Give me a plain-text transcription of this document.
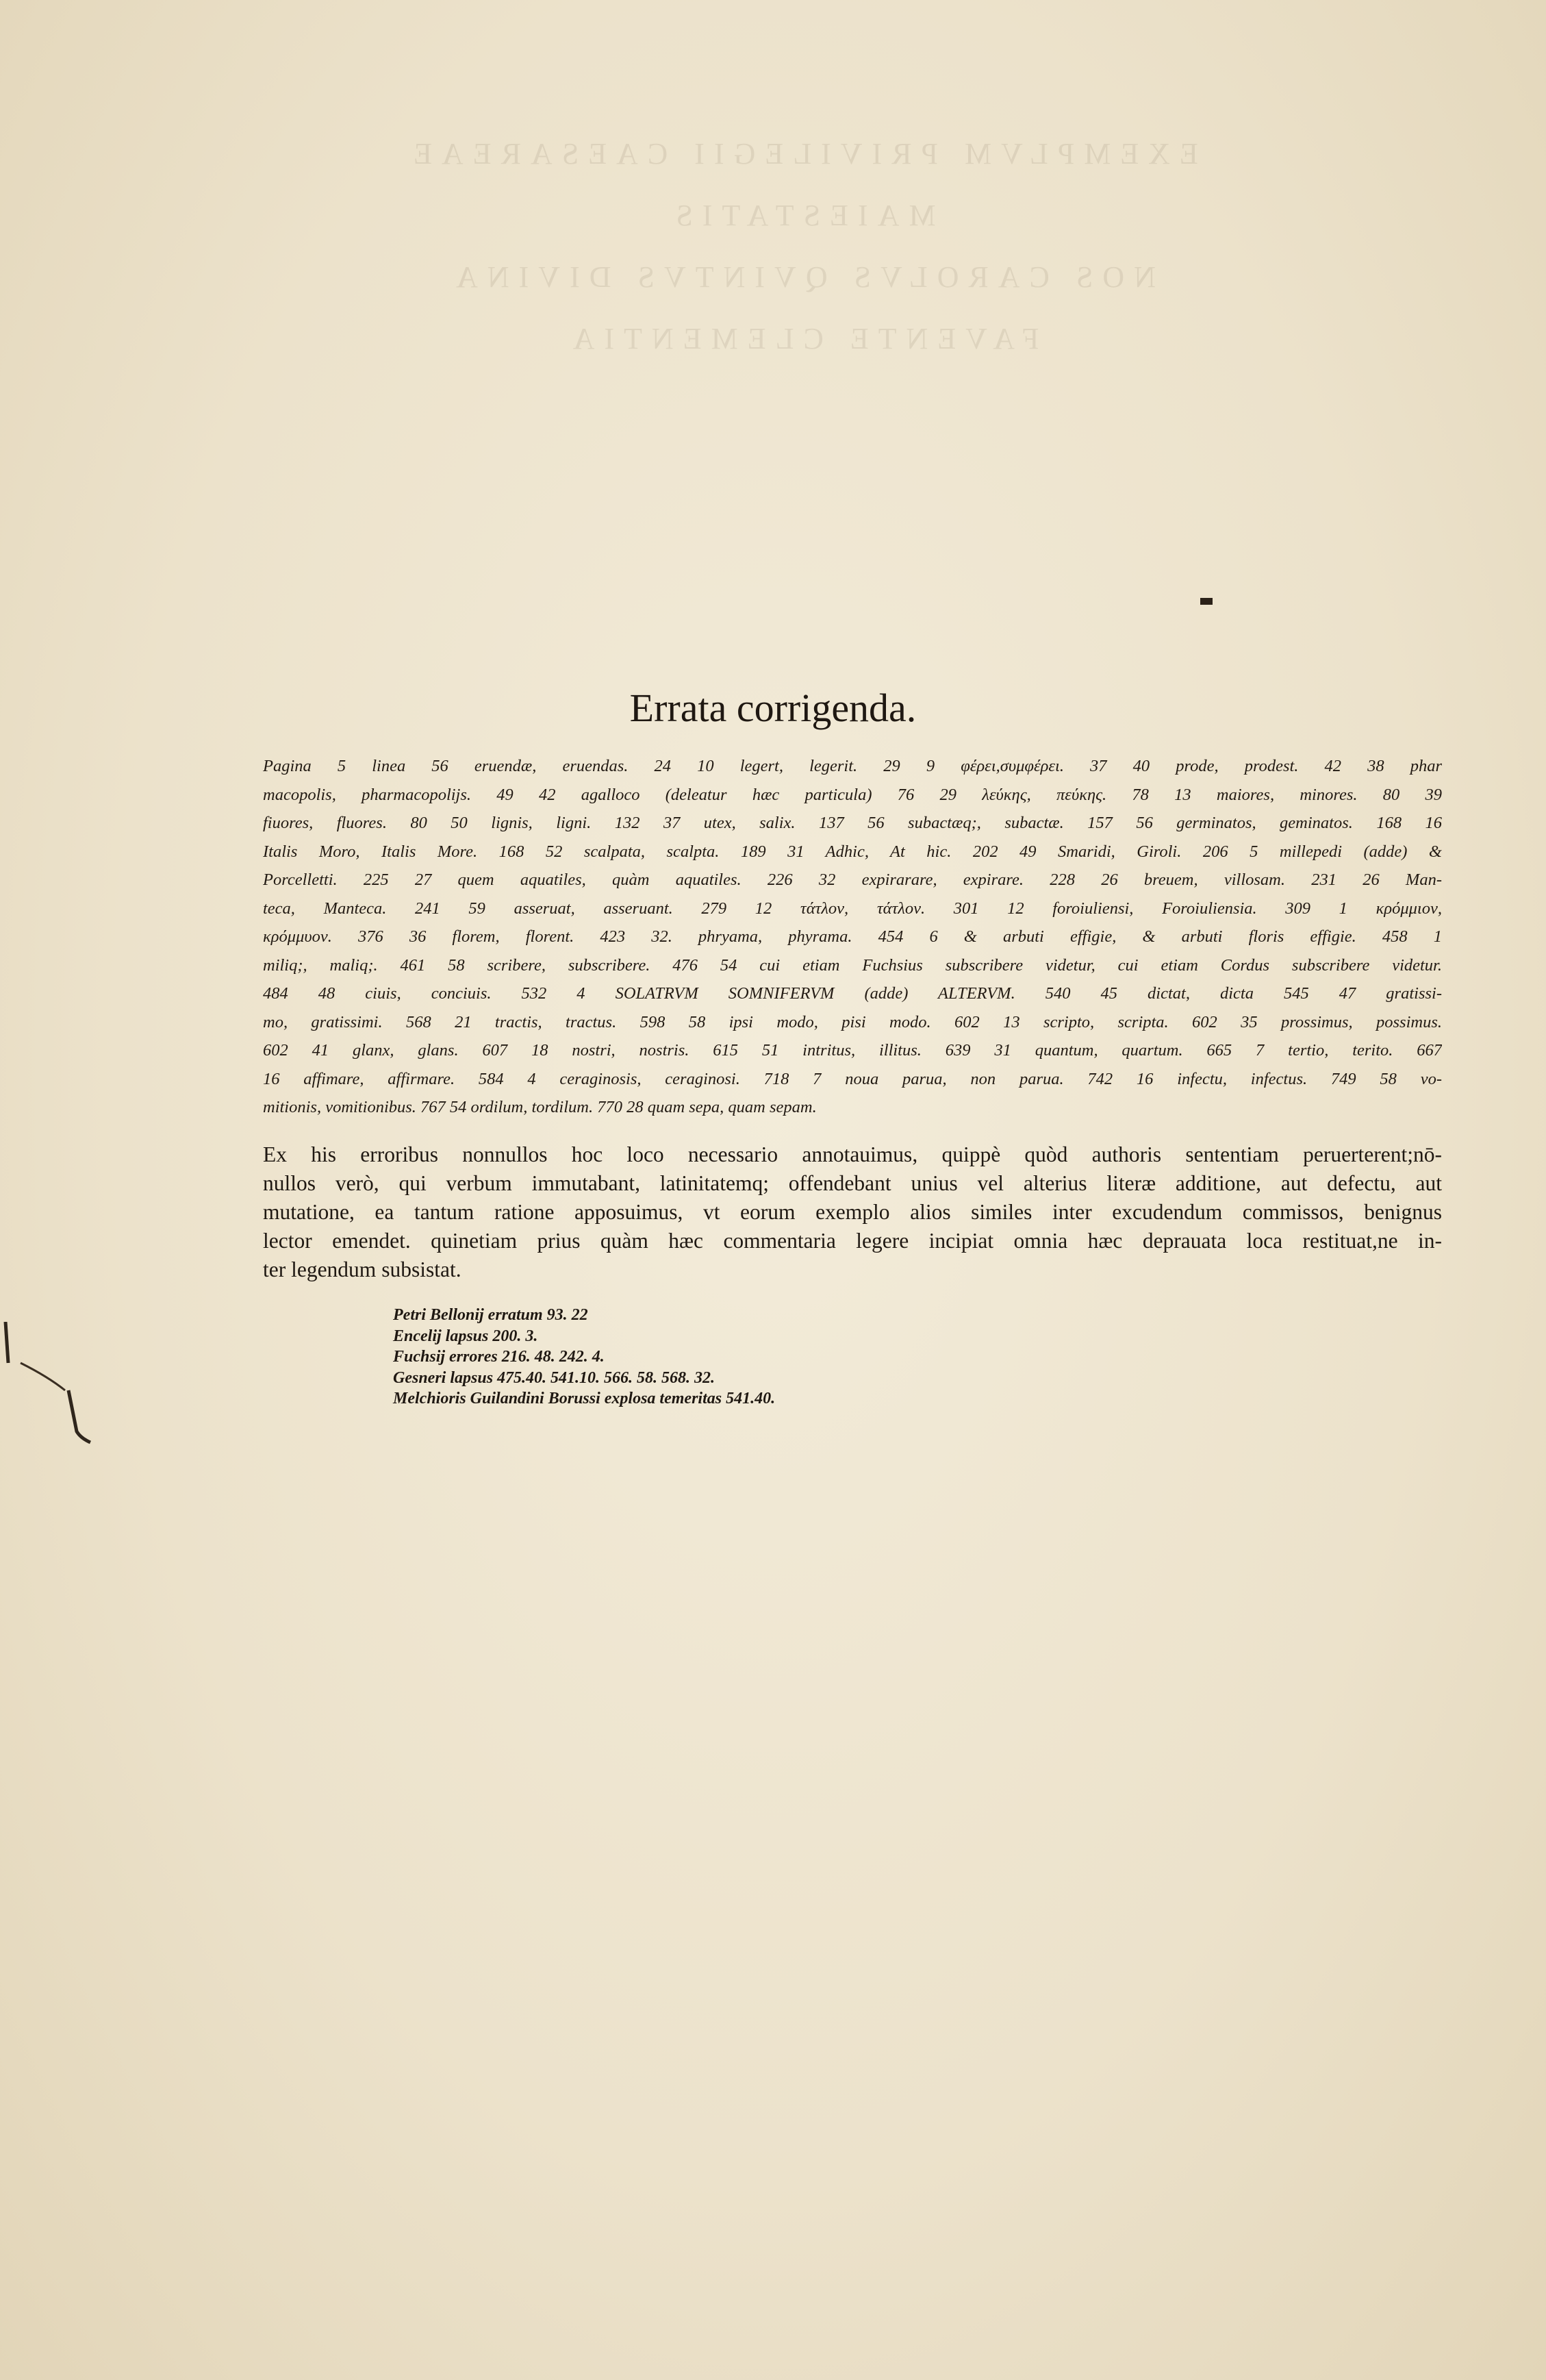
EXEMPLVM PRIVILEGII CAESAREAE MAIESTATIS
NOS CAROLVS QVINTVS DIVINA FAVENTE CLEMENTIA
Errata corrigenda.
Pagina 5 linea 56 eruendæ, eruendas. 24 10 legert, legerit. 29 9 φέρει,συμφέρει. 37 40 prode, prodest. 42 38 phar
macopolis, pharmacopolijs. 49 42 agalloco (deleatur hæc particula) 76 29 λεύκης, πεύκης. 78 13 maiores, minores. 80 39
fiuores, fluores. 80 50 lignis, ligni. 132 37 utex, salix. 137 56 subactæq;, subactæ. 157 56 germinatos, geminatos. 168 16
Italis Moro, Italis More. 168 52 scalpata, scalpta. 189 31 Adhic, At hic. 202 49 Smaridi, Giroli. 206 5 millepedi (adde) &
Porcelletti. 225 27 quem aquatiles, quàm aquatiles. 226 32 expirarare, expirare. 228 26 breuem, villosam. 231 26 Man-
teca, Manteca. 241 59 asseruat, asseruant. 279 12 τάτλον, τάτλον. 301 12 foroiuliensi, Foroiuliensia. 309 1 κρόμμιον,
κρόμμυον. 376 36 florem, florent. 423 32. phryama, phyrama. 454 6 & arbuti effigie, & arbuti floris effigie. 458 1
miliq;, maliq;. 461 58 scribere, subscribere. 476 54 cui etiam Fuchsius subscribere videtur, cui etiam Cordus subscribere videtur.
484 48 ciuis, conciuis. 532 4 SOLATRVM SOMNIFERVM (adde) ALTERVM. 540 45 dictat, dicta 545 47 gratissi-
mo, gratissimi. 568 21 tractis, tractus. 598 58 ipsi modo, pisi modo. 602 13 scripto, scripta. 602 35 prossimus, possimus.
602 41 glanx, glans. 607 18 nostri, nostris. 615 51 intritus, illitus. 639 31 quantum, quartum. 665 7 tertio, terito. 667
16 affimare, affirmare. 584 4 ceraginosis, ceraginosi. 718 7 noua parua, non parua. 742 16 infectu, infectus. 749 58 vo-
mitionis, vomitionibus. 767 54 ordilum, tordilum. 770 28 quam sepa, quam sepam.
Ex his erroribus nonnullos hoc loco necessario annotauimus, quippè quòd authoris sententiam peruerterent;nō-
nullos verò, qui verbum immutabant, latinitatemq; offendebant unius vel alterius literæ additione, aut defectu, aut
mutatione, ea tantum ratione apposuimus, vt eorum exemplo alios similes inter excudendum commissos, benignus
lector emendet. quinetiam prius quàm hæc commentaria legere incipiat omnia hæc deprauata loca restituat,ne in-
ter legendum subsistat.
Petri Bellonij erratum 93. 22
Encelij lapsus 200. 3.
Fuchsij errores 216. 48. 242. 4.
Gesneri lapsus 475.40. 541.10. 566. 58. 568. 32.
Melchioris Guilandini Borussi explosa temeritas 541.40.
